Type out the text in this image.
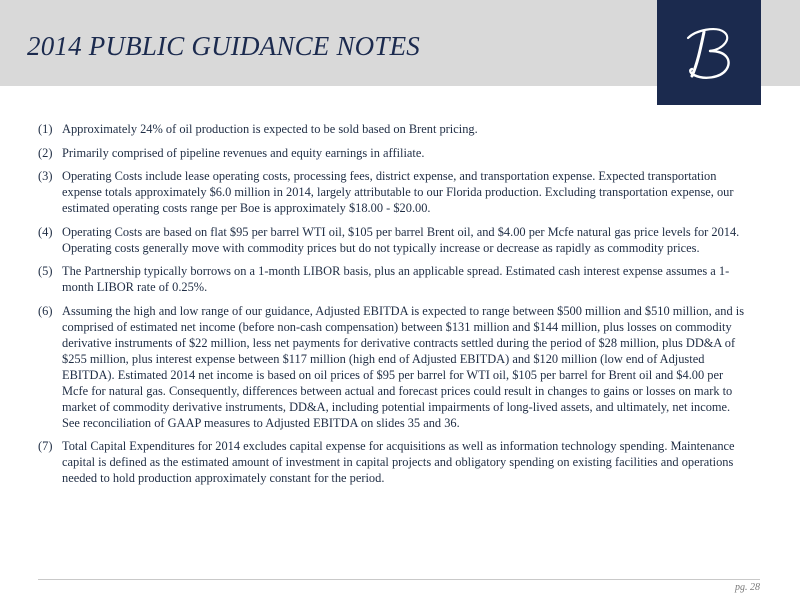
2014 PUBLIC GUIDANCE NOTES
(1) Approximately 24% of oil production is expected to be sold based on Brent pricing.
(2) Primarily comprised of pipeline revenues and equity earnings in affiliate.
(3) Operating Costs include lease operating costs, processing fees, district expense, and transportation expense. Expected transportation expense totals approximately $6.0 million in 2014, largely attributable to our Florida production. Excluding transportation expense, our estimated operating costs range per Boe is approximately $18.00 - $20.00.
(4) Operating Costs are based on flat $95 per barrel WTI oil, $105 per barrel Brent oil, and $4.00 per Mcfe natural gas price levels for 2014. Operating costs generally move with commodity prices but do not typically increase or decrease as rapidly as commodity prices.
(5) The Partnership typically borrows on a 1-month LIBOR basis, plus an applicable spread. Estimated cash interest expense assumes a 1-month LIBOR rate of 0.25%.
(6) Assuming the high and low range of our guidance, Adjusted EBITDA is expected to range between $500 million and $510 million, and is comprised of estimated net income (before non-cash compensation) between $131 million and $144 million, plus losses on commodity derivative instruments of $22 million, less net payments for derivative contracts settled during the period of $28 million, plus DD&A of $255 million, plus interest expense between $117 million (high end of Adjusted EBITDA) and $120 million (low end of Adjusted EBITDA). Estimated 2014 net income is based on oil prices of $95 per barrel for WTI oil, $105 per barrel for Brent oil and $4.00 per Mcfe for natural gas. Consequently, differences between actual and forecast prices could result in changes to gains or losses on mark to market of commodity derivative instruments, DD&A, including potential impairments of long-lived assets, and ultimately, net income. See reconciliation of GAAP measures to Adjusted EBITDA on slides 35 and 36.
(7) Total Capital Expenditures for 2014 excludes capital expense for acquisitions as well as information technology spending. Maintenance capital is defined as the estimated amount of investment in capital projects and obligatory spending on existing facilities and operations needed to hold production approximately constant for the period.
pg. 28
